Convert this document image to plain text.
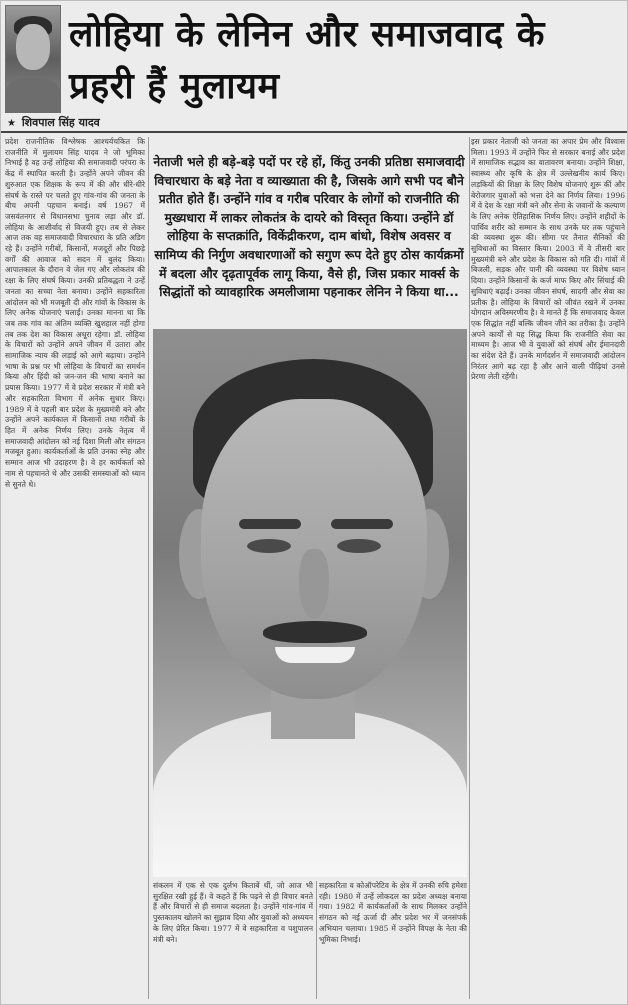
लोहिया के लेनिन और समाजवाद के प्रहरी हैं मुलायम
★ शिवपाल सिंह यादव
प्रदेश राजनीतिक विश्लेषक आश्चर्यचकित कि राजनीति में मुलायम सिंह यादव ने जो भूमिका निभाई है वह उन्हें लोहिया की समाजवादी परंपरा के केंद्र में स्थापित करती है। उन्होंने अपने जीवन की शुरुआत एक शिक्षक के रूप में की और धीरे-धीरे संघर्ष के रास्ते पर चलते हुए गांव-गांव की जनता के बीच अपनी पहचान बनाई। वर्ष 1967 में जसवंतनगर से विधानसभा चुनाव लड़ा और डॉ. लोहिया के आशीर्वाद से विजयी हुए। तब से लेकर आज तक वह समाजवादी विचारधारा के प्रति अडिग रहे हैं। उन्होंने गरीबों, किसानों, मजदूरों और पिछड़े वर्गों की आवाज को सदन में बुलंद किया। आपातकाल के दौरान वे जेल गए और लोकतंत्र की रक्षा के लिए संघर्ष किया। उनकी प्रतिबद्धता ने उन्हें जनता का सच्चा नेता बनाया। उन्होंने सहकारिता आंदोलन को भी मजबूती दी और गांवों के विकास के लिए अनेक योजनाएं चलाईं। उनका मानना था कि जब तक गांव का अंतिम व्यक्ति खुशहाल नहीं होगा तब तक देश का विकास अधूरा रहेगा। डॉ. लोहिया के विचारों को उन्होंने अपने जीवन में उतारा और सामाजिक न्याय की लड़ाई को आगे बढ़ाया। उन्होंने भाषा के प्रश्न पर भी लोहिया के विचारों का समर्थन किया और हिंदी को जन-जन की भाषा बनाने का प्रयास किया। 1977 में वे प्रदेश सरकार में मंत्री बने और सहकारिता विभाग में अनेक सुधार किए। 1989 में वे पहली बार प्रदेश के मुख्यमंत्री बने और उन्होंने अपने कार्यकाल में किसानों तथा गरीबों के हित में अनेक निर्णय लिए। उनके नेतृत्व में समाजवादी आंदोलन को नई दिशा मिली और संगठन मजबूत हुआ। कार्यकर्ताओं के प्रति उनका स्नेह और सम्मान आज भी उदाहरण है। वे हर कार्यकर्ता को नाम से पहचानते थे और उसकी समस्याओं को ध्यान से सुनते थे।

नेताजी भले ही बड़े-बड़े पदों पर रहे हों, किंतु उनकी प्रतिष्ठा समाजवादी विचारधारा के बड़े नेता व व्याख्याता की है, जिसके आगे सभी पद बौने प्रतीत होते हैं। उन्होंने गांव व गरीब परिवार के लोगों को राजनीति की मुख्यधारा में लाकर लोकतंत्र के दायरे को विस्तृत किया। उन्होंने डॉ लोहिया के सप्तक्रांति, विकेंद्रीकरण, दाम बांधो, विशेष अवसर व सामिप्य की निर्गुण अवधारणाओं को सगुण रूप देते हुए ठोस कार्यक्रमों में बदला और दृढ़तापूर्वक लागू किया, वैसे ही, जिस प्रकार मार्क्स के सिद्धांतों को व्यावहारिक अमलीजामा पहनाकर लेनिन ने किया था...

संकलन में एक से एक दुर्लभ किताबें थीं, जो आज भी सुरक्षित रखी हुई हैं। वे कहते हैं कि पढ़ने से ही विचार बनते हैं और विचारों से ही समाज बदलता है। उन्होंने गांव-गांव में पुस्तकालय खोलने का सुझाव दिया और युवाओं को अध्ययन के लिए प्रेरित किया। 1977 में वे सहकारिता व पशुपालन मंत्री बने।
सहकारिता व कोऑपरेटिव के क्षेत्र में उनकी रुचि हमेशा रही। 1980 में उन्हें लोकदल का प्रदेश अध्यक्ष बनाया गया। 1982 में कार्यकर्ताओं के साथ मिलकर उन्होंने संगठन को नई ऊर्जा दी और प्रदेश भर में जनसंपर्क अभियान चलाया। 1985 में उन्होंने विपक्ष के नेता की भूमिका निभाई।
इस प्रकार नेताजी को जनता का अपार प्रेम और विश्वास मिला। 1993 में उन्होंने फिर से सरकार बनाई और प्रदेश में सामाजिक सद्भाव का वातावरण बनाया। उन्होंने शिक्षा, स्वास्थ्य और कृषि के क्षेत्र में उल्लेखनीय कार्य किए। लड़कियों की शिक्षा के लिए विशेष योजनाएं शुरू कीं और बेरोजगार युवाओं को भत्ता देने का निर्णय लिया। 1996 में वे देश के रक्षा मंत्री बने और सेना के जवानों के कल्याण के लिए अनेक ऐतिहासिक निर्णय लिए। उन्होंने शहीदों के पार्थिव शरीर को सम्मान के साथ उनके घर तक पहुंचाने की व्यवस्था शुरू की। सीमा पर तैनात सैनिकों की सुविधाओं का विस्तार किया। 2003 में वे तीसरी बार मुख्यमंत्री बने और प्रदेश के विकास को गति दी। गांवों में बिजली, सड़क और पानी की व्यवस्था पर विशेष ध्यान दिया। उन्होंने किसानों के कर्ज माफ किए और सिंचाई की सुविधाएं बढ़ाईं। उनका जीवन संघर्ष, सादगी और सेवा का प्रतीक है। लोहिया के विचारों को जीवंत रखने में उनका योगदान अविस्मरणीय है। वे मानते हैं कि समाजवाद केवल एक सिद्धांत नहीं बल्कि जीवन जीने का तरीका है। उन्होंने अपने कार्यों से यह सिद्ध किया कि राजनीति सेवा का माध्यम है। आज भी वे युवाओं को संघर्ष और ईमानदारी का संदेश देते हैं। उनके मार्गदर्शन में समाजवादी आंदोलन निरंतर आगे बढ़ रहा है और आने वाली पीढ़ियां उनसे प्रेरणा लेती रहेंगी।
